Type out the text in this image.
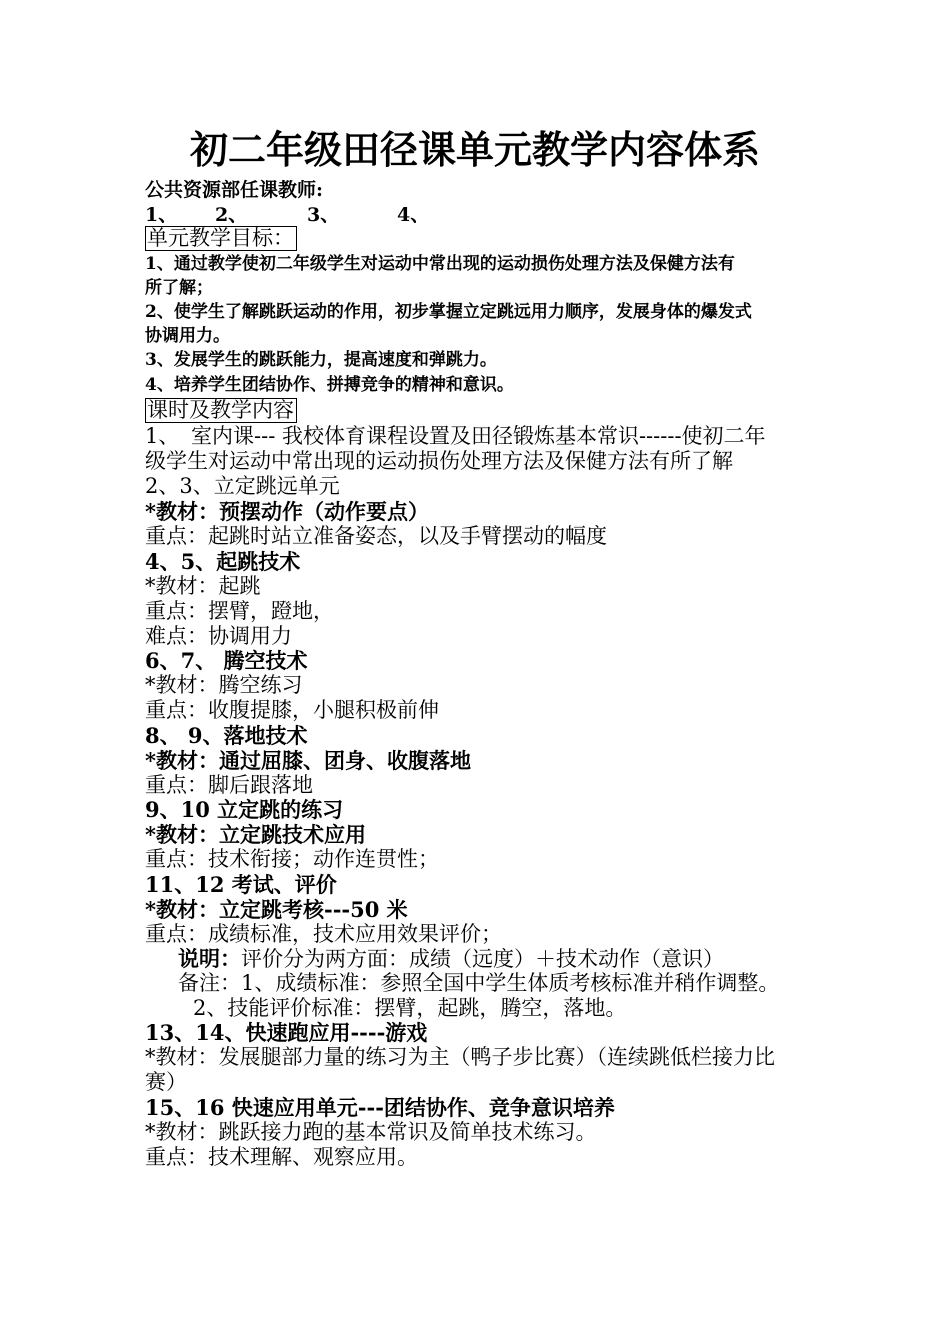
初二年级田径课单元教学内容体系
公共资源部任课教师:
1、 2、	3、	4、
单元教学目标：
1、通过教学使初二年级学生对运动中常出现的运动损伤处理方法及保健方法有
所了解；
2、使学生了解跳跃运动的作用，初步掌握立定跳远用力顺序，发展身体的爆发式
协调用力。
3、发展学生的跳跃能力，提高速度和弹跳力。
4、培养学生团结协作、拼搏竞争的精神和意识。
课时及教学内容
1、 室内课--- 我校体育课程设置及田径锻炼基本常识------使初二年
级学生对运动中常出现的运动损伤处理方法及保健方法有所了解
2、3、立定跳远单元
*教材：预摆动作（动作要点）
重点：起跳时站立准备姿态，以及手臂摆动的幅度
4、5、起跳技术
*教材：起跳
重点：摆臂，蹬地，
难点：协调用力
6、7、 腾空技术
*教材：腾空练习
重点：收腹提膝，小腿积极前伸
8、 9、落地技术
*教材：通过屈膝、团身、收腹落地
重点：脚后跟落地
9、10 立定跳的练习
*教材：立定跳技术应用
重点：技术衔接；动作连贯性；
11、12 考试、评价
*教材：立定跳考核---50 米
重点：成绩标准，技术应用效果评价；
说明：评价分为两方面：成绩（远度）＋技术动作（意识）
备注：1、成绩标准：参照全国中学生体质考核标准并稍作调整。
2、技能评价标准：摆臂，起跳，腾空，落地。
13、14、快速跑应用----游戏
*教材：发展腿部力量的练习为主（鸭子步比赛）（连续跳低栏接力比
赛）
15、16 快速应用单元---团结协作、竞争意识培养
*教材：跳跃接力跑的基本常识及简单技术练习。
重点：技术理解、观察应用。
